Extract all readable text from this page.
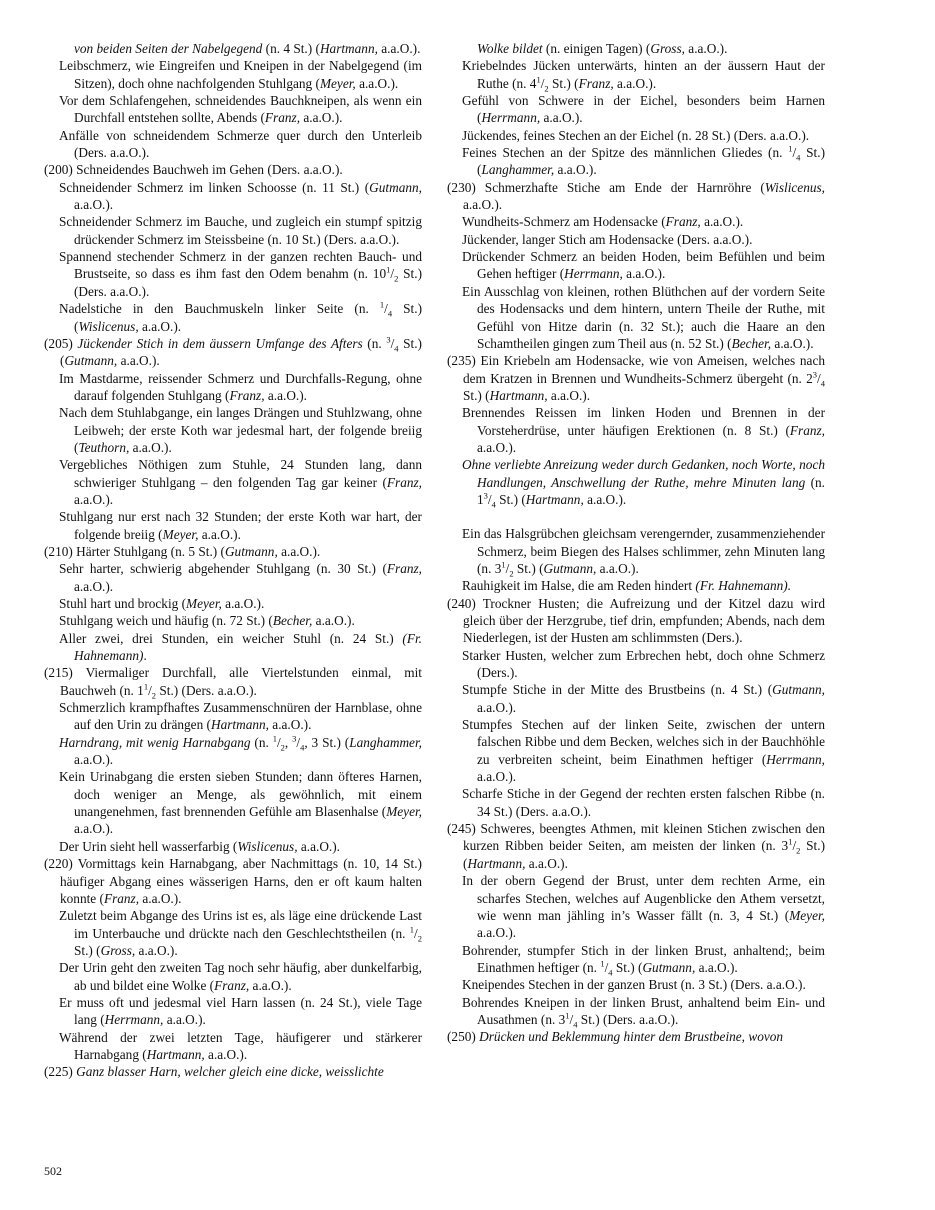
von beiden Seiten der Nabelgegend (n. 4 St.) (Hartmann, a.a.O.).
Leibschmerz, wie Eingreifen und Kneipen in der Nabelgegend (im Sitzen), doch ohne nachfolgenden Stuhlgang (Meyer, a.a.O.).
Vor dem Schlafengehen, schneidendes Bauchkneipen, als wenn ein Durchfall entstehen sollte, Abends (Franz, a.a.O.).
Anfälle von schneidendem Schmerze quer durch den Unterleib (Ders. a.a.O.).
(200) Schneidendes Bauchweh im Gehen (Ders. a.a.O.).
Schneidender Schmerz im linken Schoosse (n. 11 St.) (Gutmann, a.a.O.).
Schneidender Schmerz im Bauche, und zugleich ein stumpf spitzig drückender Schmerz im Steissbeine (n. 10 St.) (Ders. a.a.O.).
Spannend stechender Schmerz in der ganzen rechten Bauch- und Brustseite, so dass es ihm fast den Odem benahm (n. $10^1/_2$ St.) (Ders. a.a.O.).
Nadelstiche in den Bauchmuskeln linker Seite (n. $^1/_4$ St.) (Wislicenus, a.a.O.).
(205) Jückender Stich in dem äussern Umfange des Afters (n. $^3/_4$ St.) (Gutmann, a.a.O.).
Im Mastdarme, reissender Schmerz und Durchfalls-Regung, ohne darauf folgenden Stuhlgang (Franz, a.a.O.).
Nach dem Stuhlabgange, ein langes Drängen und Stuhlzwang, ohne Leibweh; der erste Koth war jedesmal hart, der folgende breiig (Teuthorn, a.a.O.).
Vergebliches Nöthigen zum Stuhle, 24 Stunden lang, dann schwieriger Stuhlgang – den folgenden Tag gar keiner (Franz, a.a.O.).
Stuhlgang nur erst nach 32 Stunden; der erste Koth war hart, der folgende breiig (Meyer, a.a.O.).
(210) Härter Stuhlgang (n. 5 St.) (Gutmann, a.a.O.).
Sehr harter, schwierig abgehender Stuhlgang (n. 30 St.) (Franz, a.a.O.).
Stuhl hart und brockig (Meyer, a.a.O.).
Stuhlgang weich und häufig (n. 72 St.) (Becher, a.a.O.).
Aller zwei, drei Stunden, ein weicher Stuhl (n. 24 St.) (Fr. Hahnemann).
(215) Viermaliger Durchfall, alle Viertelstunden einmal, mit Bauchweh (n. $1^1/_2$ St.) (Ders. a.a.O.).
Schmerzlich krampfhaftes Zusammenschnüren der Harnblase, ohne auf den Urin zu drängen (Hartmann, a.a.O.).
Harndrang, mit wenig Harnabgang (n. $^1/_2$, $^3/_4$, 3 St.) (Langhammer, a.a.O.).
Kein Urinabgang die ersten sieben Stunden; dann öfteres Harnen, doch weniger an Menge, als gewöhnlich, mit einem unangenehmen, fast brennenden Gefühle am Blasenhalse (Meyer, a.a.O.).
Der Urin sieht hell wasserfarbig (Wislicenus, a.a.O.).
(220) Vormittags kein Harnabgang, aber Nachmittags (n. 10, 14 St.) häufiger Abgang eines wässerigen Harns, den er oft kaum halten konnte (Franz, a.a.O.).
Zuletzt beim Abgange des Urins ist es, als läge eine drückende Last im Unterbauche und drückte nach den Geschlechtstheilen (n. $^1/_2$ St.) (Gross, a.a.O.).
Der Urin geht den zweiten Tag noch sehr häufig, aber dunkelfarbig, ab und bildet eine Wolke (Franz, a.a.O.).
Er muss oft und jedesmal viel Harn lassen (n. 24 St.), viele Tage lang (Herrmann, a.a.O.).
Während der zwei letzten Tage, häufigerer und stärkerer Harnabgang (Hartmann, a.a.O.).
(225) Ganz blasser Harn, welcher gleich eine dicke, weisslichte
Wolke bildet (n. einigen Tagen) (Gross, a.a.O.).
Kriebelndes Jücken unterwärts, hinten an der äussern Haut der Ruthe (n. $4^1/_2$ St.) (Franz, a.a.O.).
Gefühl von Schwere in der Eichel, besonders beim Harnen (Herrmann, a.a.O.).
Jückendes, feines Stechen an der Eichel (n. 28 St.) (Ders. a.a.O.).
Feines Stechen an der Spitze des männlichen Gliedes (n. $^1/_4$ St.) (Langhammer, a.a.O.).
(230) Schmerzhafte Stiche am Ende der Harnröhre (Wislicenus, a.a.O.).
Wundheits-Schmerz am Hodensacke (Franz, a.a.O.).
Jückender, langer Stich am Hodensacke (Ders. a.a.O.).
Drückender Schmerz an beiden Hoden, beim Befühlen und beim Gehen heftiger (Herrmann, a.a.O.).
Ein Ausschlag von kleinen, rothen Blüthchen auf der vordern Seite des Hodensacks und dem hintern, untern Theile der Ruthe, mit Gefühl von Hitze darin (n. 32 St.); auch die Haare an den Schamtheilen gingen zum Theil aus (n. 52 St.) (Becher, a.a.O.).
(235) Ein Kriebeln am Hodensacke, wie von Ameisen, welches nach dem Kratzen in Brennen und Wundheits-Schmerz übergeht (n. $2^3/_4$ St.) (Hartmann, a.a.O.).
Brennendes Reissen im linken Hoden und Brennen in der Vorsteherdrüse, unter häufigen Erektionen (n. 8 St.) (Franz, a.a.O.).
Ohne verliebte Anreizung weder durch Gedanken, noch Worte, noch Handlungen, Anschwellung der Ruthe, mehre Minuten lang (n. $1^3/_4$ St.) (Hartmann, a.a.O.).
Ein das Halsgrübchen gleichsam verengernder, zusammenziehender Schmerz, beim Biegen des Halses schlimmer, zehn Minuten lang (n. $3^1/_2$ St.) (Gutmann, a.a.O.).
Rauhigkeit im Halse, die am Reden hindert (Fr. Hahnemann).
(240) Trockner Husten; die Aufreizung und der Kitzel dazu wird gleich über der Herzgrube, tief drin, empfunden; Abends, nach dem Niederlegen, ist der Husten am schlimmsten (Ders.).
Starker Husten, welcher zum Erbrechen hebt, doch ohne Schmerz (Ders.).
Stumpfe Stiche in der Mitte des Brustbeins (n. 4 St.) (Gutmann, a.a.O.).
Stumpfes Stechen auf der linken Seite, zwischen der untern falschen Ribbe und dem Becken, welches sich in der Bauchhöhle zu verbreiten scheint, beim Einathmen heftiger (Herrmann, a.a.O.).
Scharfe Stiche in der Gegend der rechten ersten falschen Ribbe (n. 34 St.) (Ders. a.a.O.).
(245) Schweres, beengtes Athmen, mit kleinen Stichen zwischen den kurzen Ribben beider Seiten, am meisten der linken (n. $3^1/_2$ St.) (Hartmann, a.a.O.).
In der obern Gegend der Brust, unter dem rechten Arme, ein scharfes Stechen, welches auf Augenblicke den Athem versetzt, wie wenn man jähling in’s Wasser fällt (n. 3, 4 St.) (Meyer, a.a.O.).
Bohrender, stumpfer Stich in der linken Brust, anhaltend;, beim Einathmen heftiger (n. $^1/_4$ St.) (Gutmann, a.a.O.).
Kneipendes Stechen in der ganzen Brust (n. 3 St.) (Ders. a.a.O.).
Bohrendes Kneipen in der linken Brust, anhaltend beim Ein- und Ausathmen (n. $3^1/_4$ St.) (Ders. a.a.O.).
(250) Drücken und Beklemmung hinter dem Brustbeine, wovon
502
